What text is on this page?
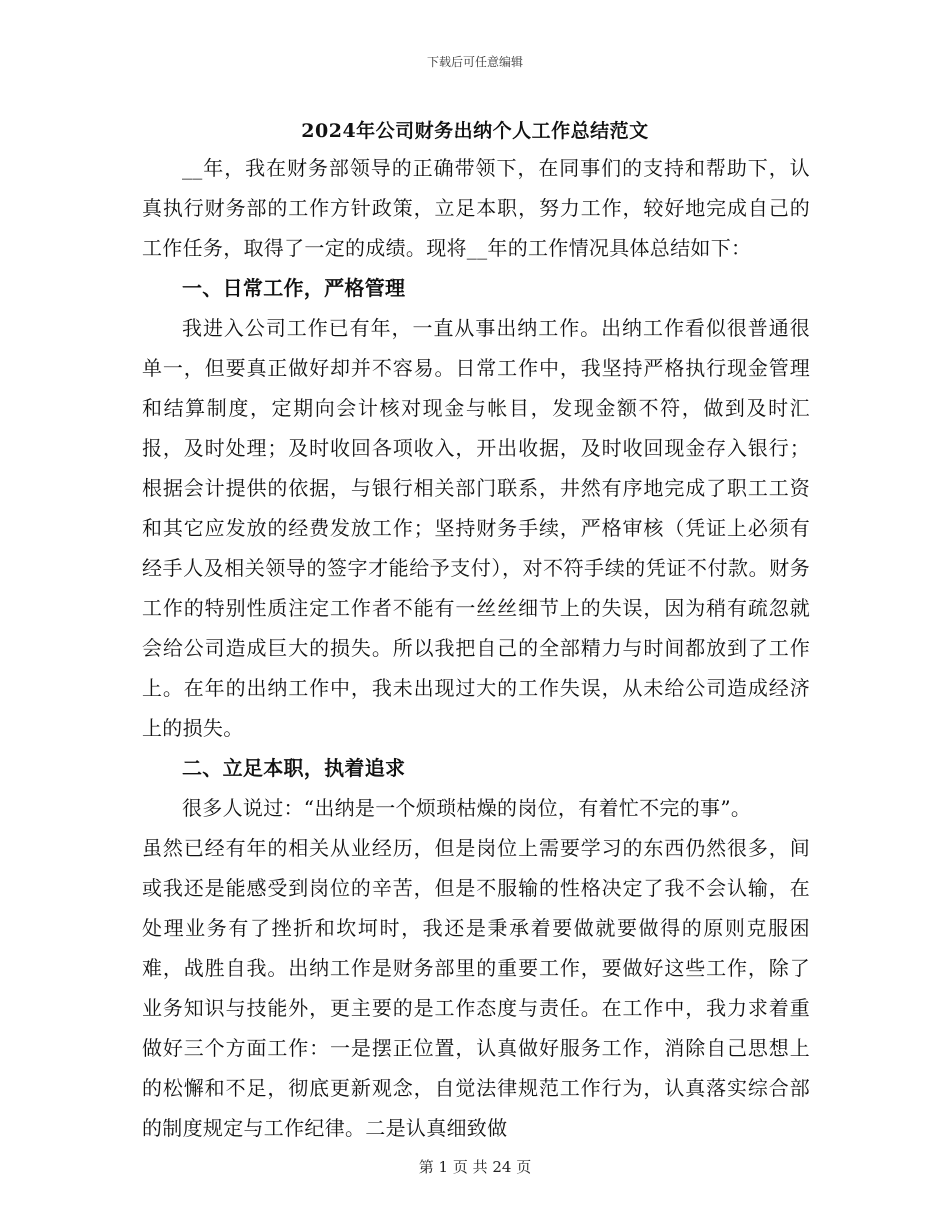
下载后可任意编辑
2024年公司财务出纳个人工作总结范文

__年，我在财务部领导的正确带领下，在同事们的支持和帮助下，认真执行财务部的工作方针政策，立足本职，努力工作，较好地完成自己的工作任务，取得了一定的成绩。现将__年的工作情况具体总结如下：

一、日常工作，严格管理

我进入公司工作已有年，一直从事出纳工作。出纳工作看似很普通很单一，但要真正做好却并不容易。日常工作中，我坚持严格执行现金管理和结算制度，定期向会计核对现金与帐目，发现金额不符，做到及时汇报，及时处理；及时收回各项收入，开出收据，及时收回现金存入银行；根据会计提供的依据，与银行相关部门联系，井然有序地完成了职工工资和其它应发放的经费发放工作；坚持财务手续，严格审核（凭证上必须有经手人及相关领导的签字才能给予支付），对不符手续的凭证不付款。财务工作的特别性质注定工作者不能有一丝丝细节上的失误，因为稍有疏忽就会给公司造成巨大的损失。所以我把自己的全部精力与时间都放到了工作上。在年的出纳工作中，我未出现过大的工作失误，从未给公司造成经济上的损失。

二、立足本职，执着追求

很多人说过：“出纳是一个烦琐枯燥的岗位，有着忙不完的事”。

虽然已经有年的相关从业经历，但是岗位上需要学习的东西仍然很多，间或我还是能感受到岗位的辛苦，但是不服输的性格决定了我不会认输，在处理业务有了挫折和坎坷时，我还是秉承着要做就要做得的原则克服困难，战胜自我。出纳工作是财务部里的重要工作，要做好这些工作，除了业务知识与技能外，更主要的是工作态度与责任。在工作中，我力求着重做好三个方面工作：一是摆正位置，认真做好服务工作，消除自己思想上的松懈和不足，彻底更新观念，自觉法律规范工作行为，认真落实综合部的制度规定与工作纪律。二是认真细致做

第 1 页 共 24 页
